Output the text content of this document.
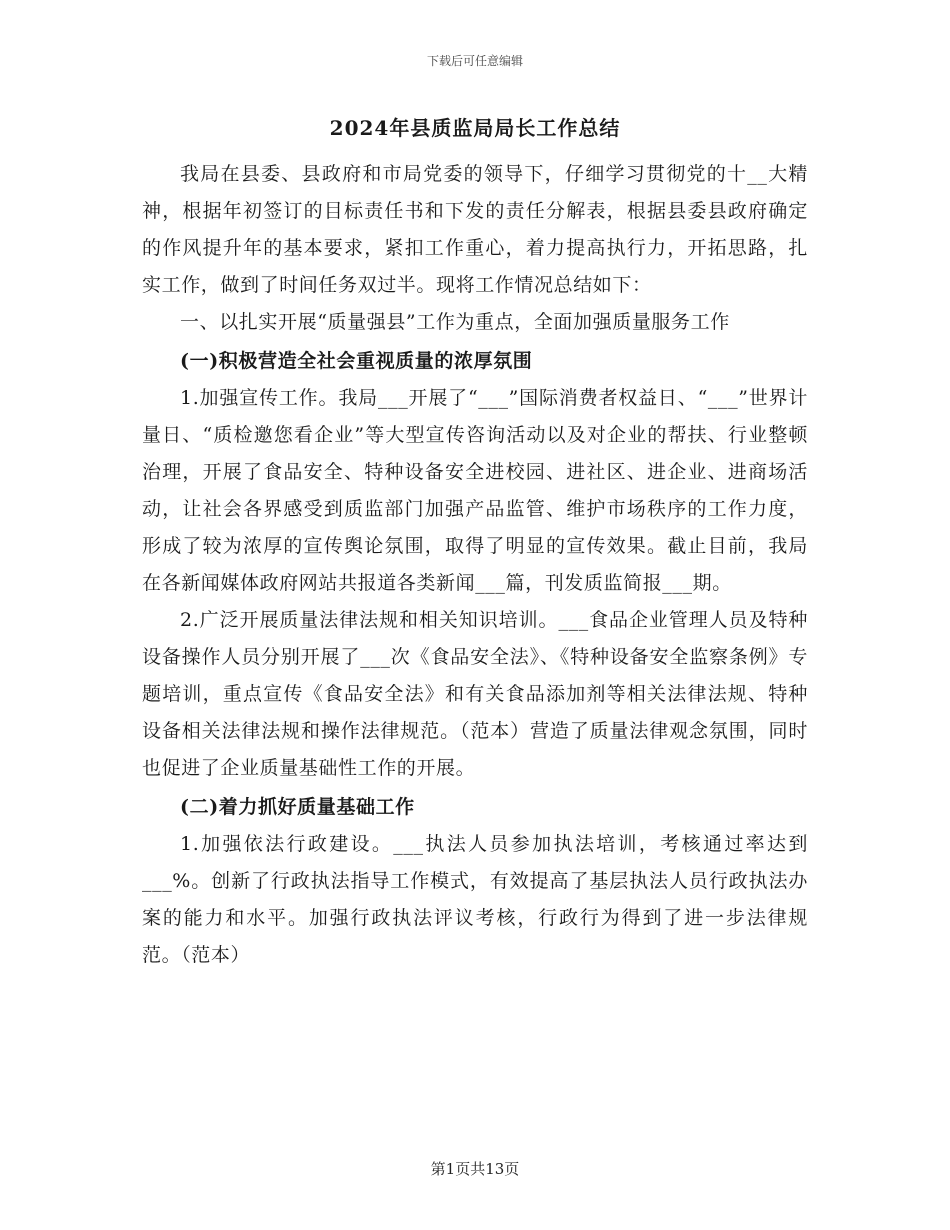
下载后可任意编辑
2024年县质监局局长工作总结

我局在县委、县政府和市局党委的领导下，仔细学习贯彻党的十__大精神，根据年初签订的目标责任书和下发的责任分解表，根据县委县政府确定的作风提升年的基本要求，紧扣工作重心，着力提高执行力，开拓思路，扎实工作，做到了时间任务双过半。现将工作情况总结如下：

一、以扎实开展“质量强县”工作为重点，全面加强质量服务工作

(一)积极营造全社会重视质量的浓厚氛围

1.加强宣传工作。我局___开展了“___”国际消费者权益日、“___”世界计量日、“质检邀您看企业”等大型宣传咨询活动以及对企业的帮扶、行业整顿治理，开展了食品安全、特种设备安全进校园、进社区、进企业、进商场活动，让社会各界感受到质监部门加强产品监管、维护市场秩序的工作力度，形成了较为浓厚的宣传舆论氛围，取得了明显的宣传效果。截止目前，我局在各新闻媒体政府网站共报道各类新闻___篇，刊发质监简报___期。

2.广泛开展质量法律法规和相关知识培训。___食品企业管理人员及特种设备操作人员分别开展了___次《食品安全法》、《特种设备安全监察条例》专题培训，重点宣传《食品安全法》和有关食品添加剂等相关法律法规、特种设备相关法律法规和操作法律规范。（范本）营造了质量法律观念氛围，同时也促进了企业质量基础性工作的开展。

(二)着力抓好质量基础工作

1.加强依法行政建设。___执法人员参加执法培训，考核通过率达到___%。创新了行政执法指导工作模式，有效提高了基层执法人员行政执法办案的能力和水平。加强行政执法评议考核，行政行为得到了进一步法律规范。（范本）

第1页共13页
